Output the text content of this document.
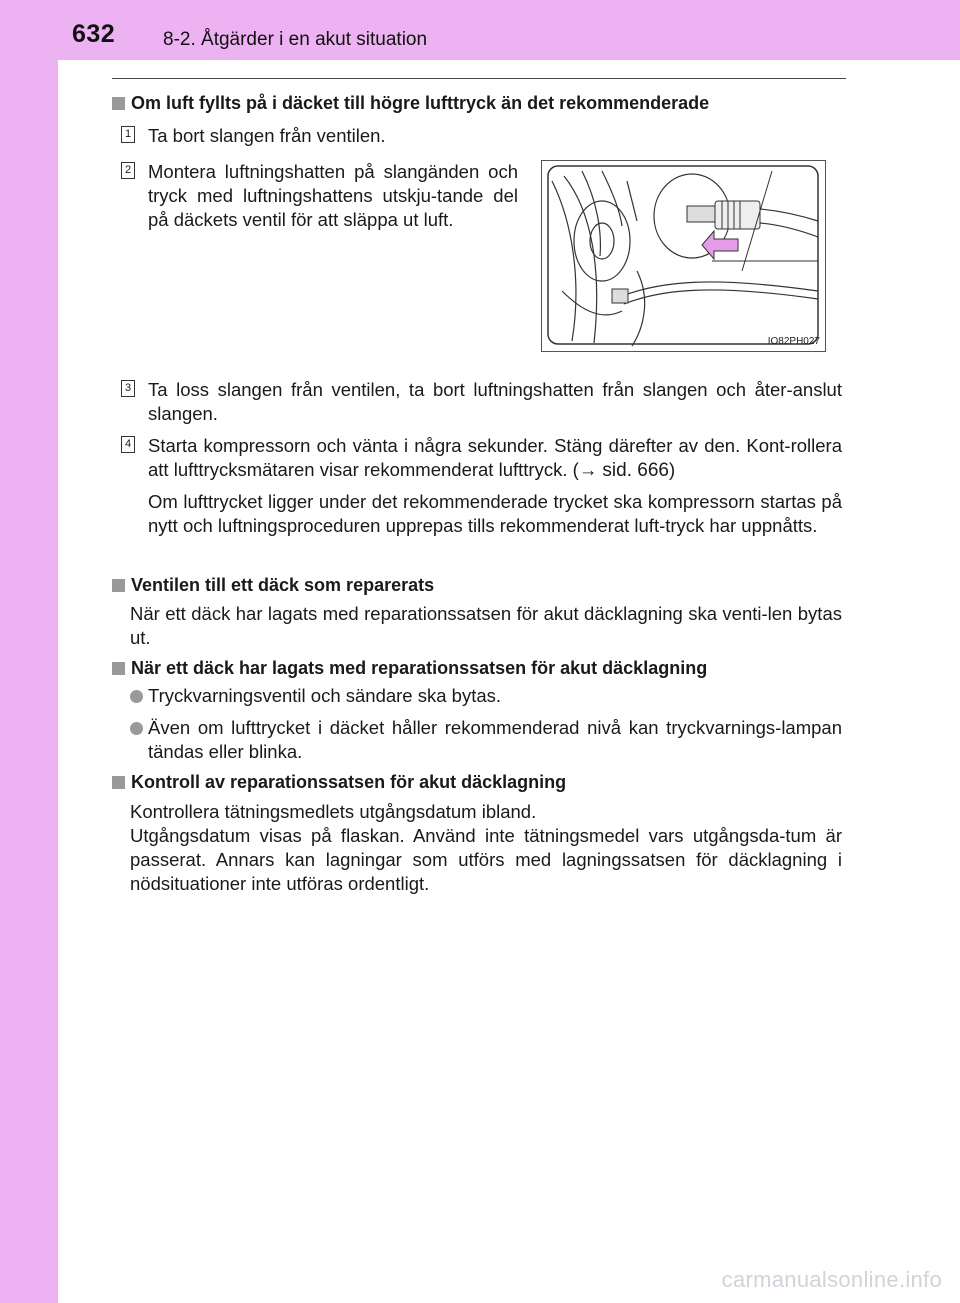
632	8-2. Åtgärder i en akut situation
Om luft fyllts på i däcket till högre lufttryck än det rekommenderade
1 Ta bort slangen från ventilen.
2 Montera luftningshatten på slangänden och tryck med luftningshattens utskju-tande del på däckets ventil för att släppa ut luft.
IO82PH027
3 Ta loss slangen från ventilen, ta bort luftningshatten från slangen och åter-anslut slangen.
4 Starta kompressorn och vänta i några sekunder. Stäng därefter av den. Kont-rollera att lufttrycksmätaren visar rekommenderat lufttryck. (→ sid. 666)
Om lufttrycket ligger under det rekommenderade trycket ska kompressorn startas på nytt och luftningsproceduren upprepas tills rekommenderat luft-tryck har uppnåtts.
Ventilen till ett däck som reparerats
När ett däck har lagats med reparationssatsen för akut däcklagning ska venti-len bytas ut.
När ett däck har lagats med reparationssatsen för akut däcklagning
Tryckvarningsventil och sändare ska bytas.
Även om lufttrycket i däcket håller rekommenderad nivå kan tryckvarnings-lampan tändas eller blinka.
Kontroll av reparationssatsen för akut däcklagning
Kontrollera tätningsmedlets utgångsdatum ibland.
Utgångsdatum visas på flaskan. Använd inte tätningsmedel vars utgångsda-tum är passerat. Annars kan lagningar som utförs med lagningssatsen för däcklagning i nödsituationer inte utföras ordentligt.
carmanualsonline.info
